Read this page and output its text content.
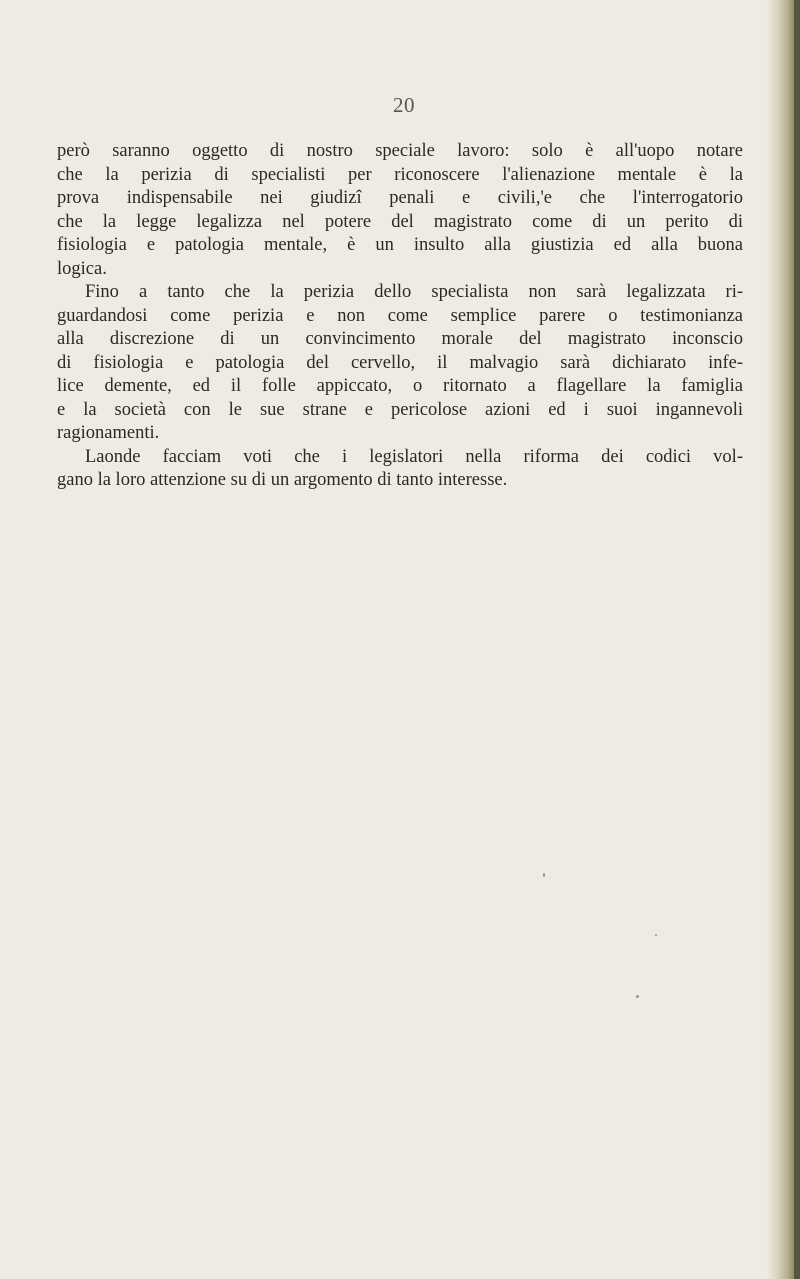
20
però saranno oggetto di nostro speciale lavoro: solo è all'uopo notare
che la perizia di specialisti per riconoscere l'alienazione mentale è la
prova indispensabile nei giudizî penali e civili,'e che l'interrogatorio
che la legge legalizza nel potere del magistrato come di un perito di
fisiologia e patologia mentale, è un insulto alla giustizia ed alla buona
logica.
Fino a tanto che la perizia dello specialista non sarà legalizzata ri-
guardandosi come perizia e non come semplice parere o testimonianza
alla discrezione di un convincimento morale del magistrato inconscio
di fisiologia e patologia del cervello, il malvagio sarà dichiarato infe-
lice demente, ed il folle appiccato, o ritornato a flagellare la famiglia
e la società con le sue strane e pericolose azioni ed i suoi ingannevoli
ragionamenti.
Laonde facciam voti che i legislatori nella riforma dei codici vol-
gano la loro attenzione su di un argomento di tanto interesse.
